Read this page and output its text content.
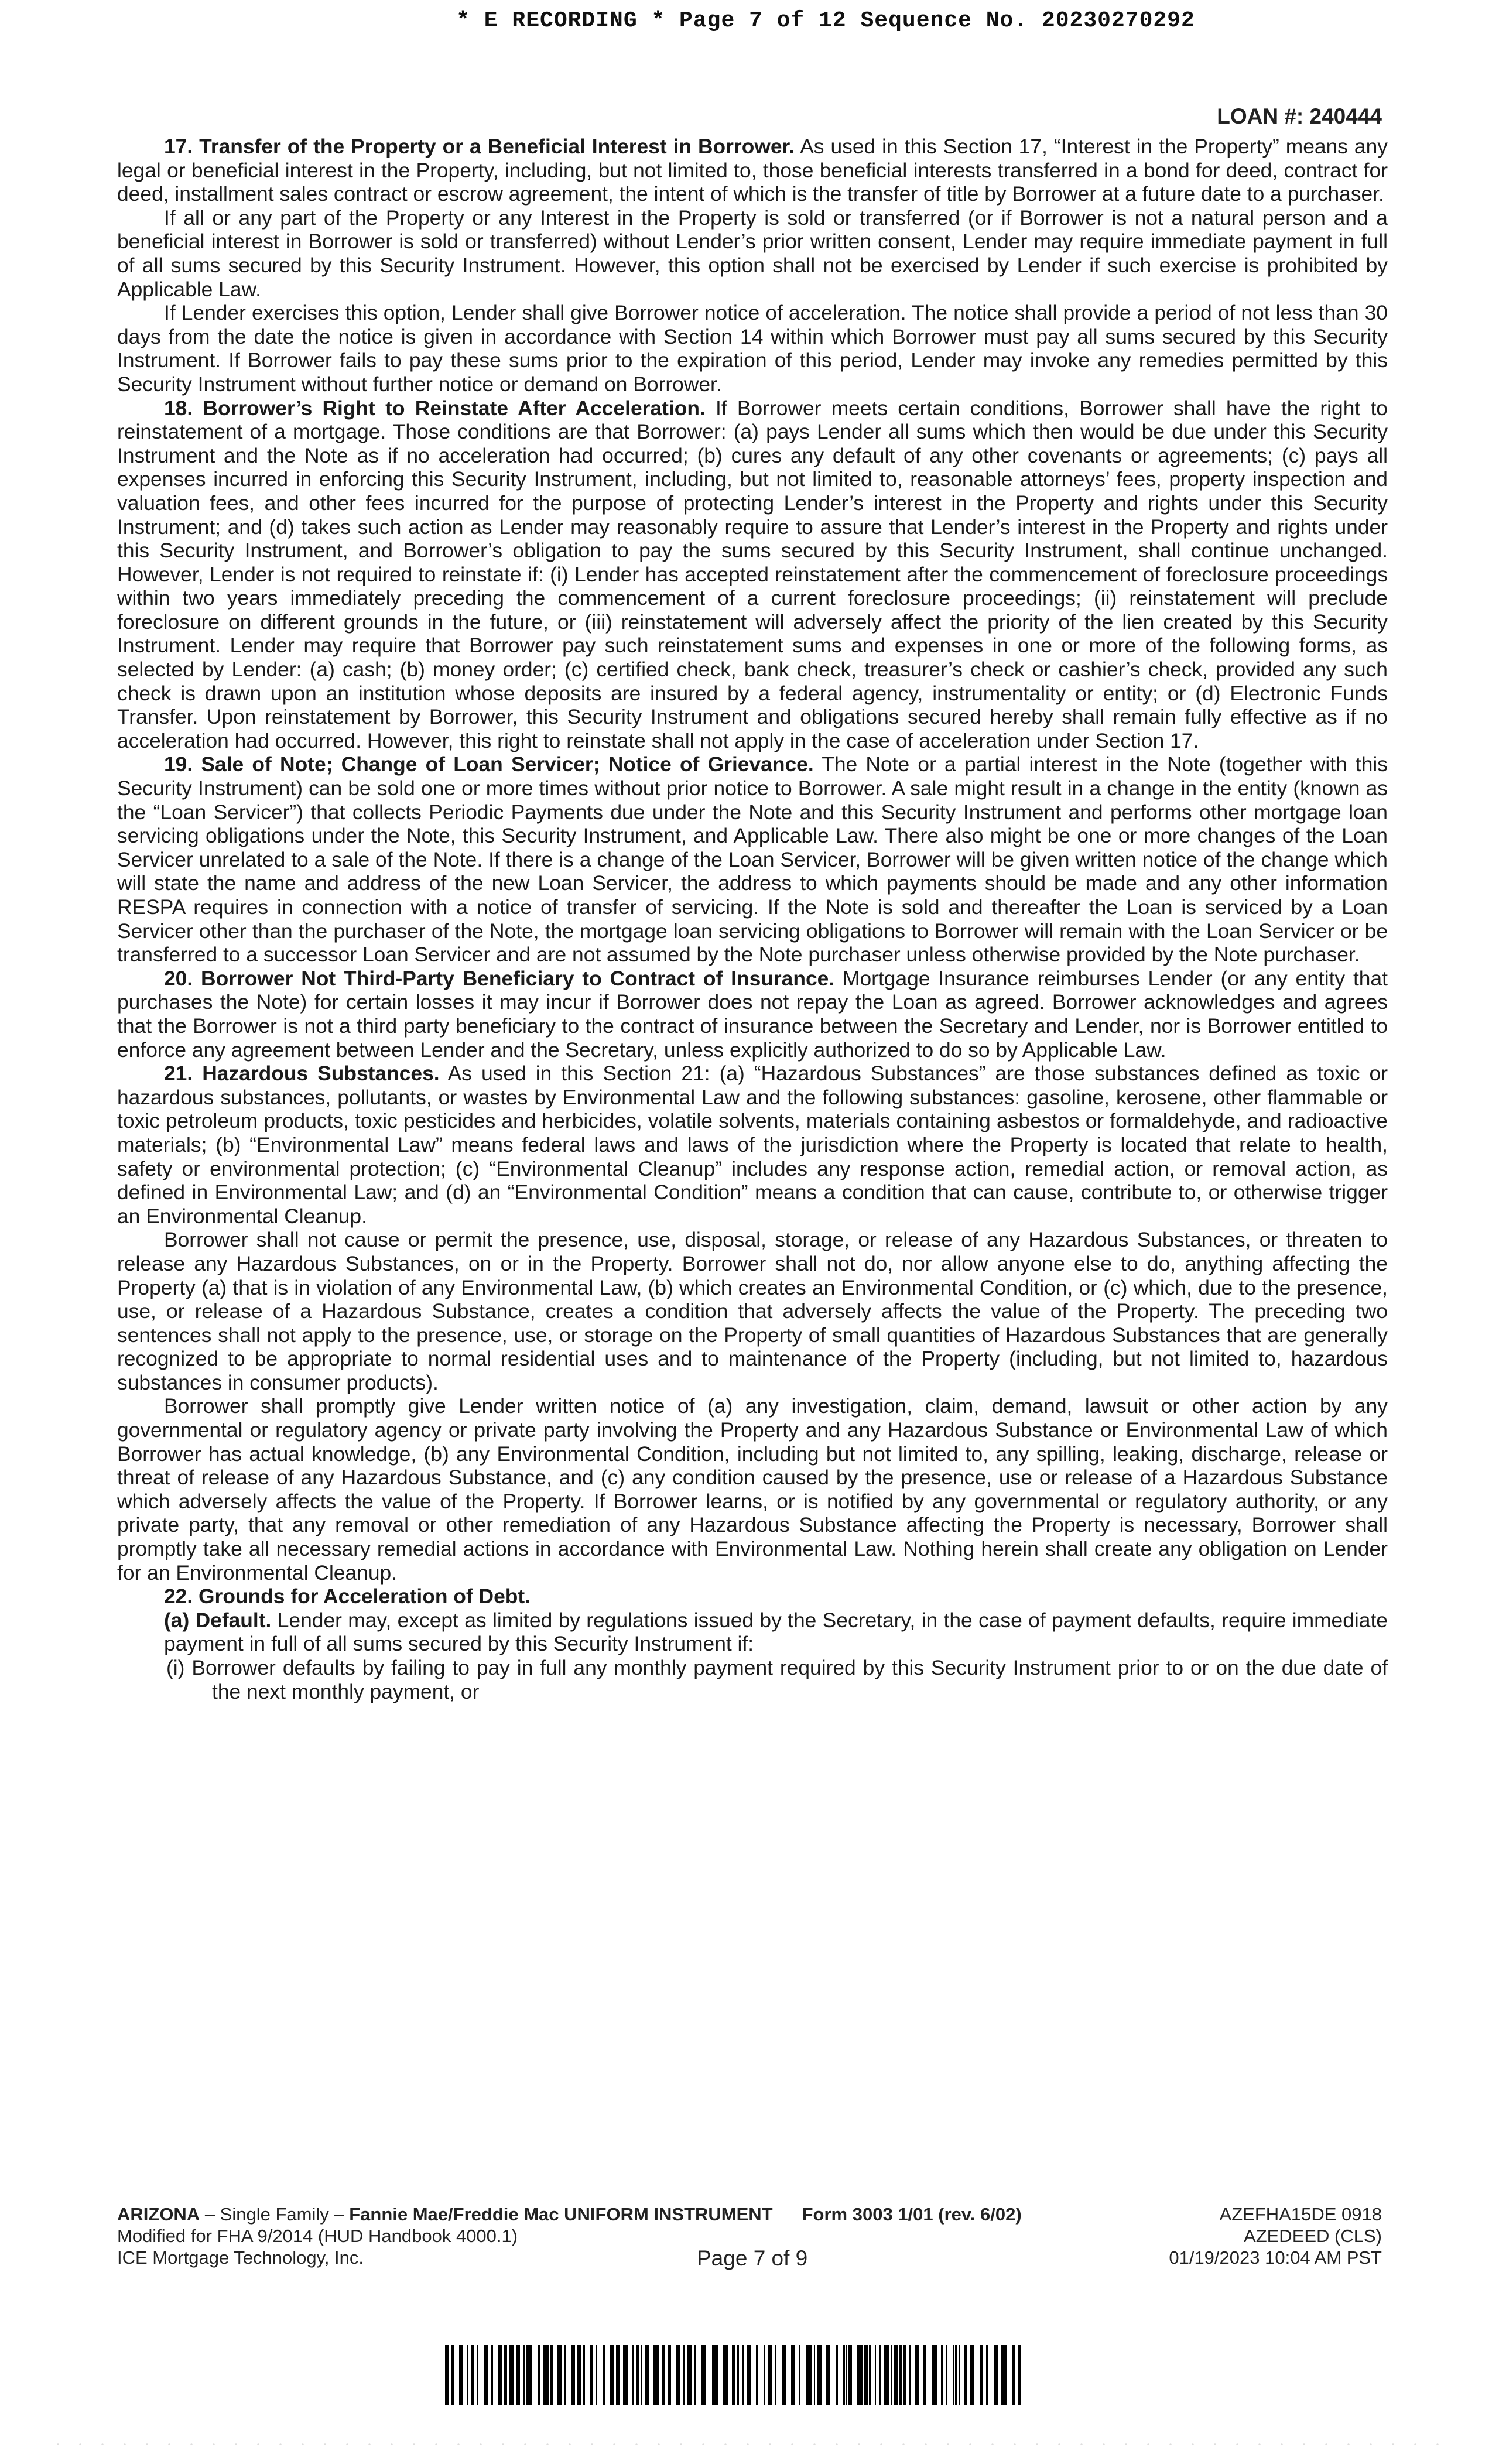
* E RECORDING * Page 7 of 12 Sequence No. 20230270292
LOAN #: 240444

17. Transfer of the Property or a Beneficial Interest in Borrower. As used in this Section 17, “Interest in the Property” means any legal or beneficial interest in the Property, including, but not limited to, those beneficial interests transferred in a bond for deed, contract for deed, installment sales contract or escrow agreement, the intent of which is the transfer of title by Borrower at a future date to a purchaser.

If all or any part of the Property or any Interest in the Property is sold or transferred (or if Borrower is not a natural person and a beneficial interest in Borrower is sold or transferred) without Lender’s prior written consent, Lender may require immediate payment in full of all sums secured by this Security Instrument. However, this option shall not be exercised by Lender if such exercise is prohibited by Applicable Law.

If Lender exercises this option, Lender shall give Borrower notice of acceleration. The notice shall provide a period of not less than 30 days from the date the notice is given in accordance with Section 14 within which Borrower must pay all sums secured by this Security Instrument. If Borrower fails to pay these sums prior to the expiration of this period, Lender may invoke any remedies permitted by this Security Instrument without further notice or demand on Borrower.

18. Borrower’s Right to Reinstate After Acceleration. If Borrower meets certain conditions, Borrower shall have the right to reinstatement of a mortgage. Those conditions are that Borrower: (a) pays Lender all sums which then would be due under this Security Instrument and the Note as if no acceleration had occurred; (b) cures any default of any other covenants or agreements; (c) pays all expenses incurred in enforcing this Security Instrument, including, but not limited to, reasonable attorneys’ fees, property inspection and valuation fees, and other fees incurred for the purpose of protecting Lender’s interest in the Property and rights under this Security Instrument; and (d) takes such action as Lender may reasonably require to assure that Lender’s interest in the Property and rights under this Security Instrument, and Borrower’s obligation to pay the sums secured by this Security Instrument, shall continue unchanged. However, Lender is not required to reinstate if: (i) Lender has accepted reinstatement after the commencement of foreclosure proceedings within two years immediately preceding the commencement of a current foreclosure proceedings; (ii) reinstatement will preclude foreclosure on different grounds in the future, or (iii) reinstatement will adversely affect the priority of the lien created by this Security Instrument. Lender may require that Borrower pay such reinstatement sums and expenses in one or more of the following forms, as selected by Lender: (a) cash; (b) money order; (c) certified check, bank check, treasurer’s check or cashier’s check, provided any such check is drawn upon an institution whose deposits are insured by a federal agency, instrumentality or entity; or (d) Electronic Funds Transfer. Upon reinstatement by Borrower, this Security Instrument and obligations secured hereby shall remain fully effective as if no acceleration had occurred. However, this right to reinstate shall not apply in the case of acceleration under Section 17.

19. Sale of Note; Change of Loan Servicer; Notice of Grievance. The Note or a partial interest in the Note (together with this Security Instrument) can be sold one or more times without prior notice to Borrower. A sale might result in a change in the entity (known as the “Loan Servicer”) that collects Periodic Payments due under the Note and this Security Instrument and performs other mortgage loan servicing obligations under the Note, this Security Instrument, and Applicable Law. There also might be one or more changes of the Loan Servicer unrelated to a sale of the Note. If there is a change of the Loan Servicer, Borrower will be given written notice of the change which will state the name and address of the new Loan Servicer, the address to which payments should be made and any other information RESPA requires in connection with a notice of transfer of servicing. If the Note is sold and thereafter the Loan is serviced by a Loan Servicer other than the purchaser of the Note, the mortgage loan servicing obligations to Borrower will remain with the Loan Servicer or be transferred to a successor Loan Servicer and are not assumed by the Note purchaser unless otherwise provided by the Note purchaser.

20. Borrower Not Third-Party Beneficiary to Contract of Insurance. Mortgage Insurance reimburses Lender (or any entity that purchases the Note) for certain losses it may incur if Borrower does not repay the Loan as agreed. Borrower acknowledges and agrees that the Borrower is not a third party beneficiary to the contract of insurance between the Secretary and Lender, nor is Borrower entitled to enforce any agreement between Lender and the Secretary, unless explicitly authorized to do so by Applicable Law.

21. Hazardous Substances. As used in this Section 21: (a) “Hazardous Substances” are those substances defined as toxic or hazardous substances, pollutants, or wastes by Environmental Law and the following substances: gasoline, kerosene, other flammable or toxic petroleum products, toxic pesticides and herbicides, volatile solvents, materials containing asbestos or formaldehyde, and radioactive materials; (b) “Environmental Law” means federal laws and laws of the jurisdiction where the Property is located that relate to health, safety or environmental protection; (c) “Environmental Cleanup” includes any response action, remedial action, or removal action, as defined in Environmental Law; and (d) an “Environmental Condition” means a condition that can cause, contribute to, or otherwise trigger an Environmental Cleanup.

Borrower shall not cause or permit the presence, use, disposal, storage, or release of any Hazardous Substances, or threaten to release any Hazardous Substances, on or in the Property. Borrower shall not do, nor allow anyone else to do, anything affecting the Property (a) that is in violation of any Environmental Law, (b) which creates an Environmental Condition, or (c) which, due to the presence, use, or release of a Hazardous Substance, creates a condition that adversely affects the value of the Property. The preceding two sentences shall not apply to the presence, use, or storage on the Property of small quantities of Hazardous Substances that are generally recognized to be appropriate to normal residential uses and to maintenance of the Property (including, but not limited to, hazardous substances in consumer products).

Borrower shall promptly give Lender written notice of (a) any investigation, claim, demand, lawsuit or other action by any governmental or regulatory agency or private party involving the Property and any Hazardous Substance or Environmental Law of which Borrower has actual knowledge, (b) any Environmental Condition, including but not limited to, any spilling, leaking, discharge, release or threat of release of any Hazardous Substance, and (c) any condition caused by the presence, use or release of a Hazardous Substance which adversely affects the value of the Property. If Borrower learns, or is notified by any governmental or regulatory authority, or any private party, that any removal or other remediation of any Hazardous Substance affecting the Property is necessary, Borrower shall promptly take all necessary remedial actions in accordance with Environmental Law. Nothing herein shall create any obligation on Lender for an Environmental Cleanup.

22. Grounds for Acceleration of Debt.

(a) Default. Lender may, except as limited by regulations issued by the Secretary, in the case of payment defaults, require immediate payment in full of all sums secured by this Security Instrument if:

(i) Borrower defaults by failing to pay in full any monthly payment required by this Security Instrument prior to or on the due date of the next monthly payment, or

ARIZONA – Single Family – Fannie Mae/Freddie Mac UNIFORM INSTRUMENT Form 3003 1/01 (rev. 6/02)
Modified for FHA 9/2014 (HUD Handbook 4000.1)
ICE Mortgage Technology, Inc.	Page 7 of 9
AZEFHA15DE 0918
AZEDEED (CLS)
01/19/2023 10:04 AM PST
